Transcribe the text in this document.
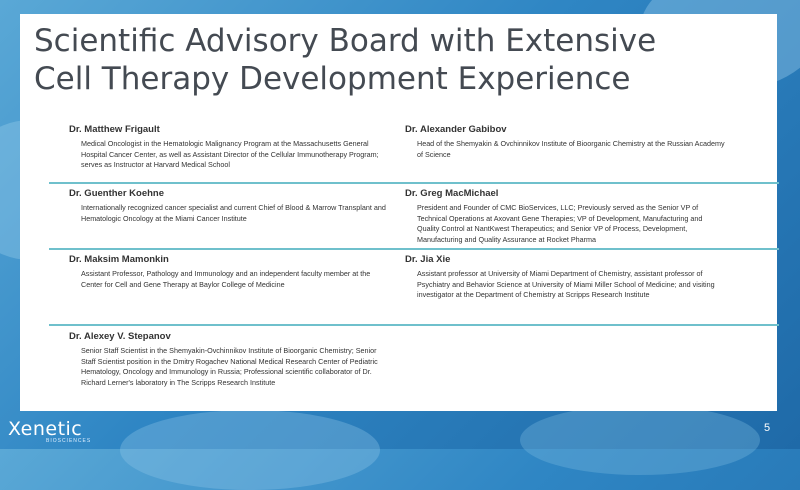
Scientific Advisory Board with Extensive
Cell Therapy Development Experience

Dr. Matthew Frigault

Medical Oncologist in the Hematologic Malignancy Program at the Massachusetts General Hospital Cancer Center, as well as Assistant Director of the Cellular Immunotherapy Program; serves as Instructor at Harvard Medical School

Dr. Alexander Gabibov

Head of the Shemyakin & Ovchinnikov Institute of Bioorganic Chemistry at the Russian Academy of Science

Dr. Guenther Koehne

Internationally recognized cancer specialist and current Chief of Blood & Marrow Transplant and Hematologic Oncology at the Miami Cancer Institute

Dr. Greg MacMichael

President and Founder of CMC BioServices, LLC; Previously served as the Senior VP of Technical Operations at Axovant Gene Therapies; VP of Development, Manufacturing and Quality Control at NantKwest Therapeutics; and Senior VP of Process, Development, Manufacturing and Quality Assurance at Rocket Pharma

Dr. Maksim Mamonkin

Assistant Professor, Pathology and Immunology and an independent faculty member at the Center for Cell and Gene Therapy at Baylor College of Medicine

Dr. Jia Xie

Assistant professor at University of Miami Department of Chemistry, assistant professor of Psychiatry and Behavior Science at University of Miami Miller School of Medicine; and visiting investigator at the Department of Chemistry at Scripps Research Institute

Dr. Alexey V. Stepanov

Senior Staff Scientist in the Shemyakin-Ovchinnikov Institute of Bioorganic Chemistry; Senior Staff Scientist position in the Dmitry Rogachev National Medical Research Center of Pediatric Hematology, Oncology and Immunology in Russia; Professional scientific collaborator of Dr. Richard Lerner's laboratory in The Scripps Research Institute

Xenetic
BIOSCIENCES
5
